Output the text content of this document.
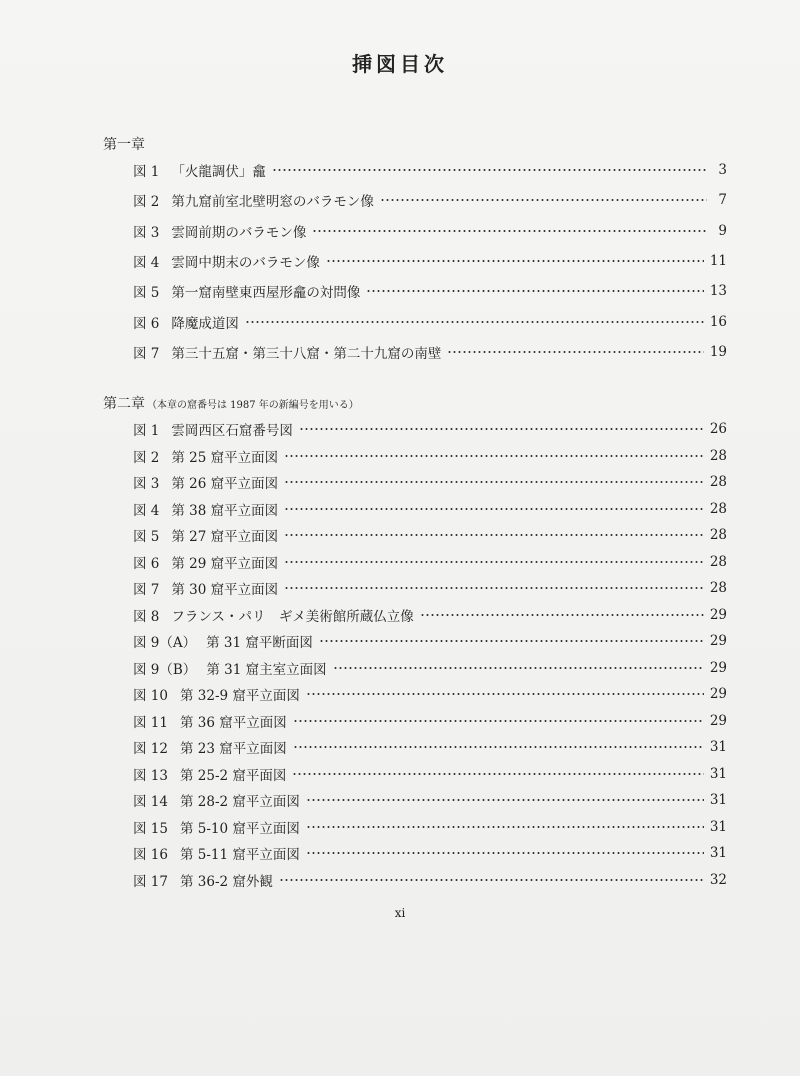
挿図目次
第一章
図 1 「火龍調伏」龕	3
図 2 第九窟前室北壁明窓のバラモン像	7
図 3 雲岡前期のバラモン像	9
図 4 雲岡中期末のバラモン像	11
図 5 第一窟南壁東西屋形龕の対問像	13
図 6 降魔成道図	16
図 7 第三十五窟・第三十八窟・第二十九窟の南壁	19
第二章 （本章の窟番号は 1987 年の新編号を用いる）
図 1 雲岡西区石窟番号図	26
図 2 第 25 窟平立面図	28
図 3 第 26 窟平立面図	28
図 4 第 38 窟平立面図	28
図 5 第 27 窟平立面図	28
図 6 第 29 窟平立面図	28
図 7 第 30 窟平立面図	28
図 8 フランス・パリ　ギメ美術館所蔵仏立像	29
図 9（A） 第 31 窟平断面図	29
図 9（B） 第 31 窟主室立面図	29
図 10 第 32-9 窟平立面図	29
図 11 第 36 窟平立面図	29
図 12 第 23 窟平立面図	31
図 13 第 25-2 窟平面図	31
図 14 第 28-2 窟平立面図	31
図 15 第 5-10 窟平立面図	31
図 16 第 5-11 窟平立面図	31
図 17 第 36-2 窟外観	32
xi
